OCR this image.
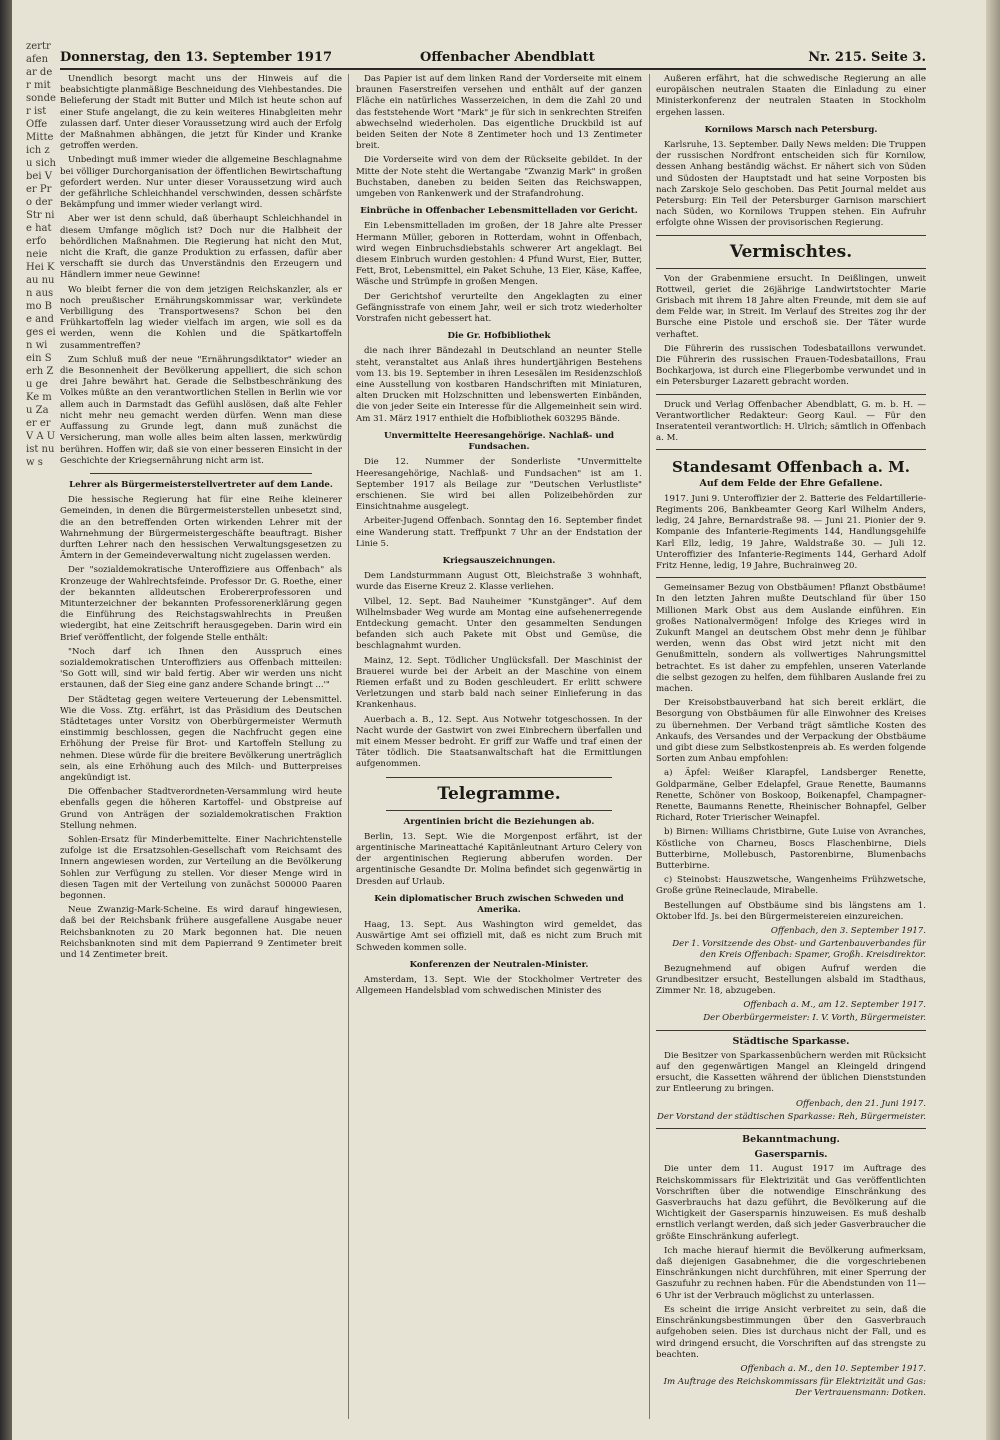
zertrafen ar der mit sonder ist Offe Mitte ich zu sich bei Ver Pro der Str nie hat erfo neie Hei Kau nun aus mo Be and ges ein wi ein S erh Zu ge Ke mu Za er er V A U ist nu w s
Donnerstag, den 13. September 1917	Offenbacher Abendblatt	Nr. 215. Seite 3.

Unendlich besorgt macht uns der Hinweis auf die beabsichtigte planmäßige Beschneidung des Viehbestandes. Die Belieferung der Stadt mit Butter und Milch ist heute schon auf einer Stufe angelangt, die zu kein weiteres Hinabgleiten mehr zulassen darf. Unter dieser Voraussetzung wird auch der Erfolg der Maßnahmen abhängen, die jetzt für Kinder und Kranke getroffen werden.

Unbedingt muß immer wieder die allgemeine Beschlagnahme bei völliger Durchorganisation der öffentlichen Bewirtschaftung gefordert werden. Nur unter dieser Voraussetzung wird auch der gefährliche Schleichhandel verschwinden, dessen schärfste Bekämpfung und immer wieder verlangt wird.

Aber wer ist denn schuld, daß überhaupt Schleichhandel in diesem Umfange möglich ist? Doch nur die Halbheit der behördlichen Maßnahmen. Die Regierung hat nicht den Mut, nicht die Kraft, die ganze Produktion zu erfassen, dafür aber verschafft sie durch das Unverständnis den Erzeugern und Händlern immer neue Gewinne!

Wo bleibt ferner die von dem jetzigen Reichskanzler, als er noch preußischer Ernährungskommissar war, verkündete Verbilligung des Transportwesens? Schon bei den Frühkartoffeln lag wieder vielfach im argen, wie soll es da werden, wenn die Kohlen und die Spätkartoffeln zusammentreffen?

Zum Schluß muß der neue "Ernährungsdiktator" wieder an die Besonnenheit der Bevölkerung appelliert, die sich schon drei Jahre bewährt hat. Gerade die Selbstbeschränkung des Volkes müßte an den verantwortlichen Stellen in Berlin wie vor allem auch in Darmstadt das Gefühl auslösen, daß alte Fehler nicht mehr neu gemacht werden dürfen. Wenn man diese Auffassung zu Grunde legt, dann muß zunächst die Versicherung, man wolle alles beim alten lassen, merkwürdig berühren. Hoffen wir, daß sie von einer besseren Einsicht in der Geschichte der Kriegsernährung nicht arm ist.

Lehrer als Bürgermeisterstellvertreter auf dem Lande.

Die hessische Regierung hat für eine Reihe kleinerer Gemeinden, in denen die Bürgermeisterstellen unbesetzt sind, die an den betreffenden Orten wirkenden Lehrer mit der Wahrnehmung der Bürgermeistergeschäfte beauftragt. Bisher durften Lehrer nach den hessischen Verwaltungsgesetzen zu Ämtern in der Gemeindeverwaltung nicht zugelassen werden.

Der "sozialdemokratische Unteroffiziere aus Offenbach" als Kronzeuge der Wahlrechtsfeinde. Professor Dr. G. Roethe, einer der bekannten alldeutschen Erobererprofessoren und Mitunterzeichner der bekannten Professorenerklärung gegen die Einführung des Reichstagswahlrechts in Preußen wiedergibt, hat eine Zeitschrift herausgegeben. Darin wird ein Brief veröffentlicht, der folgende Stelle enthält:

"Noch darf ich Ihnen den Ausspruch eines sozialdemokratischen Unteroffiziers aus Offenbach mitteilen: 'So Gott will, sind wir bald fertig. Aber wir werden uns nicht erstaunen, daß der Sieg eine ganz andere Schande bringt ...'"

Der Städtetag gegen weitere Verteuerung der Lebensmittel. Wie die Voss. Ztg. erfährt, ist das Präsidium des Deutschen Städtetages unter Vorsitz von Oberbürgermeister Wermuth einstimmig beschlossen, gegen die Nachfrucht gegen eine Erhöhung der Preise für Brot- und Kartoffeln Stellung zu nehmen. Diese würde für die breitere Bevölkerung unerträglich sein, als eine Erhöhung auch des Milch- und Butterpreises angekündigt ist.

Die Offenbacher Stadtverordneten-Versammlung wird heute ebenfalls gegen die höheren Kartoffel- und Obstpreise auf Grund von Anträgen der sozialdemokratischen Fraktion Stellung nehmen.

Sohlen-Ersatz für Minderbemittelte. Einer Nachrichtenstelle zufolge ist die Ersatzsohlen-Gesellschaft vom Reichsamt des Innern angewiesen worden, zur Verteilung an die Bevölkerung Sohlen zur Verfügung zu stellen. Vor dieser Menge wird in diesen Tagen mit der Verteilung von zunächst 500000 Paaren begonnen.

Neue Zwanzig-Mark-Scheine. Es wird darauf hingewiesen, daß bei der Reichsbank frühere ausgefallene Ausgabe neuer Reichsbanknoten zu 20 Mark begonnen hat. Die neuen Reichsbanknoten sind mit dem Papierrand 9 Zentimeter breit und 14 Zentimeter breit.

Das Papier ist auf dem linken Rand der Vorderseite mit einem braunen Faserstreifen versehen und enthält auf der ganzen Fläche ein natürliches Wasserzeichen, in dem die Zahl 20 und das feststehende Wort "Mark" je für sich in senkrechten Streifen abwechselnd wiederholen. Das eigentliche Druckbild ist auf beiden Seiten der Note 8 Zentimeter hoch und 13 Zentimeter breit.

Die Vorderseite wird von dem der Rückseite gebildet. In der Mitte der Note steht die Wertangabe "Zwanzig Mark" in großen Buchstaben, daneben zu beiden Seiten das Reichswappen, umgeben von Rankenwerk und der Strafandrohung.

Einbrüche in Offenbacher Lebensmittelladen vor Gericht.

Ein Lebensmittelladen im großen, der 18 Jahre alte Presser Hermann Müller, geboren in Rotterdam, wohnt in Offenbach, wird wegen Einbruchsdiebstahls schwerer Art angeklagt. Bei diesem Einbruch wurden gestohlen: 4 Pfund Wurst, Eier, Butter, Fett, Brot, Lebensmittel, ein Paket Schuhe, 13 Eier, Käse, Kaffee, Wäsche und Strümpfe in großen Mengen.

Der Gerichtshof verurteilte den Angeklagten zu einer Gefängnisstrafe von einem Jahr, weil er sich trotz wiederholter Vorstrafen nicht gebessert hat.

Die Gr. Hofbibliothek

die nach ihrer Bändezahl in Deutschland an neunter Stelle steht, veranstaltet aus Anlaß ihres hundertjährigen Bestehens vom 13. bis 19. September in ihren Lesesälen im Residenzschloß eine Ausstellung von kostbaren Handschriften mit Miniaturen, alten Drucken mit Holzschnitten und lebenswerten Einbänden, die von jeder Seite ein Interesse für die Allgemeinheit sein wird. Am 31. März 1917 enthielt die Hofbibliothek 603295 Bände.

Unvermittelte Heeresangehörige. Nachlaß- und Fundsachen.

Die 12. Nummer der Sonderliste "Unvermittelte Heeresangehörige, Nachlaß- und Fundsachen" ist am 1. September 1917 als Beilage zur "Deutschen Verlustliste" erschienen. Sie wird bei allen Polizeibehörden zur Einsichtnahme ausgelegt.

Arbeiter-Jugend Offenbach. Sonntag den 16. September findet eine Wanderung statt. Treffpunkt 7 Uhr an der Endstation der Linie 5.

Kriegsauszeichnungen.

Dem Landsturmmann August Ott, Bleichstraße 3 wohnhaft, wurde das Eiserne Kreuz 2. Klasse verliehen.

Vilbel, 12. Sept. Bad Nauheimer "Kunstgänger". Auf dem Wilhelmsbader Weg wurde am Montag eine aufsehenerregende Entdeckung gemacht. Unter den gesammelten Sendungen befanden sich auch Pakete mit Obst und Gemüse, die beschlagnahmt wurden.

Mainz, 12. Sept. Tödlicher Unglücksfall. Der Maschinist der Brauerei wurde bei der Arbeit an der Maschine von einem Riemen erfaßt und zu Boden geschleudert. Er erlitt schwere Verletzungen und starb bald nach seiner Einlieferung in das Krankenhaus.

Auerbach a. B., 12. Sept. Aus Notwehr totgeschossen. In der Nacht wurde der Gastwirt von zwei Einbrechern überfallen und mit einem Messer bedroht. Er griff zur Waffe und traf einen der Täter tödlich. Die Staatsanwaltschaft hat die Ermittlungen aufgenommen.

Telegramme.

Argentinien bricht die Beziehungen ab.

Berlin, 13. Sept. Wie die Morgenpost erfährt, ist der argentinische Marineattaché Kapitänleutnant Arturo Celery von der argentinischen Regierung abberufen worden. Der argentinische Gesandte Dr. Molina befindet sich gegenwärtig in Dresden auf Urlaub.

Kein diplomatischer Bruch zwischen Schweden und Amerika.

Haag, 13. Sept. Aus Washington wird gemeldet, das Auswärtige Amt sei offiziell mit, daß es nicht zum Bruch mit Schweden kommen solle.

Konferenzen der Neutralen-Minister.

Amsterdam, 13. Sept. Wie der Stockholmer Vertreter des Allgemeen Handelsblad vom schwedischen Minister des

Äußeren erfährt, hat die schwedische Regierung an alle europäischen neutralen Staaten die Einladung zu einer Ministerkonferenz der neutralen Staaten in Stockholm ergehen lassen.

Kornilows Marsch nach Petersburg.

Karlsruhe, 13. September. Daily News melden: Die Truppen der russischen Nordfront entscheiden sich für Kornilow, dessen Anhang beständig wächst. Er nähert sich von Süden und Südosten der Hauptstadt und hat seine Vorposten bis nach Zarskoje Selo geschoben. Das Petit Journal meldet aus Petersburg: Ein Teil der Petersburger Garnison marschiert nach Süden, wo Kornilows Truppen stehen. Ein Aufruhr erfolgte ohne Wissen der provisorischen Regierung.

Vermischtes.

Von der Grabenmiene ersucht. In Deißlingen, unweit Rottweil, geriet die 26jährige Landwirtstochter Marie Grisbach mit ihrem 18 Jahre alten Freunde, mit dem sie auf dem Felde war, in Streit. Im Verlauf des Streites zog ihr der Bursche eine Pistole und erschoß sie. Der Täter wurde verhaftet.

Die Führerin des russischen Todesbataillons verwundet. Die Führerin des russischen Frauen-Todesbataillons, Frau Bochkarjowa, ist durch eine Fliegerbombe verwundet und in ein Petersburger Lazarett gebracht worden.

Druck und Verlag Offenbacher Abendblatt, G. m. b. H. — Verantwortlicher Redakteur: Georg Kaul. — Für den Inseratenteil verantwortlich: H. Ulrich; sämtlich in Offenbach a. M.

Standesamt Offenbach a. M.
Auf dem Felde der Ehre Gefallene.

1917. Juni 9. Unteroffizier der 2. Batterie des Feldartillerie-Regiments 206, Bankbeamter Georg Karl Wilhelm Anders, ledig, 24 Jahre, Bernardstraße 98. — Juni 21. Pionier der 9. Kompanie des Infanterie-Regiments 144, Handlungsgehilfe Karl Ellz, ledig, 19 Jahre, Waldstraße 30. — Juli 12. Unteroffizier des Infanterie-Regiments 144, Gerhard Adolf Fritz Henne, ledig, 19 Jahre, Buchrainweg 20.

Gemeinsamer Bezug von Obstbäumen! Pflanzt Obstbäume! In den letzten Jahren mußte Deutschland für über 150 Millionen Mark Obst aus dem Auslande einführen. Ein großes Nationalvermögen! Infolge des Krieges wird in Zukunft Mangel an deutschem Obst mehr denn je fühlbar werden, wenn das Obst wird jetzt nicht mit den Genußmitteln, sondern als vollwertiges Nahrungsmittel betrachtet. Es ist daher zu empfehlen, unseren Vaterlande die selbst gezogen zu helfen, dem fühlbaren Auslande frei zu machen.

Der Kreisobstbauverband hat sich bereit erklärt, die Besorgung von Obstbäumen für alle Einwohner des Kreises zu übernehmen. Der Verband trägt sämtliche Kosten des Ankaufs, des Versandes und der Verpackung der Obstbäume und gibt diese zum Selbstkostenpreis ab. Es werden folgende Sorten zum Anbau empfohlen:

a) Äpfel: Weißer Klarapfel, Landsberger Renette, Goldparmäne, Gelber Edelapfel, Graue Renette, Baumanns Renette, Schöner von Boskoop, Boikenapfel, Champagner-Renette, Baumanns Renette, Rheinischer Bohnapfel, Gelber Richard, Roter Trierischer Weinapfel.

b) Birnen: Williams Christbirne, Gute Luise von Avranches, Köstliche von Charneu, Boscs Flaschenbirne, Diels Butterbirne, Mollebusch, Pastorenbirne, Blumenbachs Butterbirne.

c) Steinobst: Hauszwetsche, Wangenheims Frühzwetsche, Große grüne Reineclaude, Mirabelle.

Bestellungen auf Obstbäume sind bis längstens am 1. Oktober lfd. Js. bei den Bürgermeistereien einzureichen.

Offenbach, den 3. September 1917.

Der 1. Vorsitzende des Obst- und Gartenbauverbandes für den Kreis Offenbach: Spamer, Großh. Kreisdirektor.

Bezugnehmend auf obigen Aufruf werden die Grundbesitzer ersucht, Bestellungen alsbald im Stadthaus, Zimmer Nr. 18, abzugeben.

Offenbach a. M., am 12. September 1917.

Der Oberbürgermeister: I. V. Vorth, Bürgermeister.

Städtische Sparkasse.

Die Besitzer von Sparkassenbüchern werden mit Rücksicht auf den gegenwärtigen Mangel an Kleingeld dringend ersucht, die Kassetten während der üblichen Dienststunden zur Entleerung zu bringen.

Offenbach, den 21. Juni 1917.

Der Vorstand der städtischen Sparkasse: Reh, Bürgermeister.

Bekanntmachung.
Gasersparnis.

Die unter dem 11. August 1917 im Auftrage des Reichskommissars für Elektrizität und Gas veröffentlichten Vorschriften über die notwendige Einschränkung des Gasverbrauchs hat dazu geführt, die Bevölkerung auf die Wichtigkeit der Gasersparnis hinzuweisen. Es muß deshalb ernstlich verlangt werden, daß sich jeder Gasverbraucher die größte Einschränkung auferlegt.

Ich mache hierauf hiermit die Bevölkerung aufmerksam, daß diejenigen Gasabnehmer, die die vorgeschriebenen Einschränkungen nicht durchführen, mit einer Sperrung der Gaszufuhr zu rechnen haben. Für die Abendstunden von 11—6 Uhr ist der Verbrauch möglichst zu unterlassen.

Es scheint die irrige Ansicht verbreitet zu sein, daß die Einschränkungsbestimmungen über den Gasverbrauch aufgehoben seien. Dies ist durchaus nicht der Fall, und es wird dringend ersucht, die Vorschriften auf das strengste zu beachten.

Offenbach a. M., den 10. September 1917.

Im Auftrage des Reichskommissars für Elektrizität und Gas: Der Vertrauensmann: Dotken.
